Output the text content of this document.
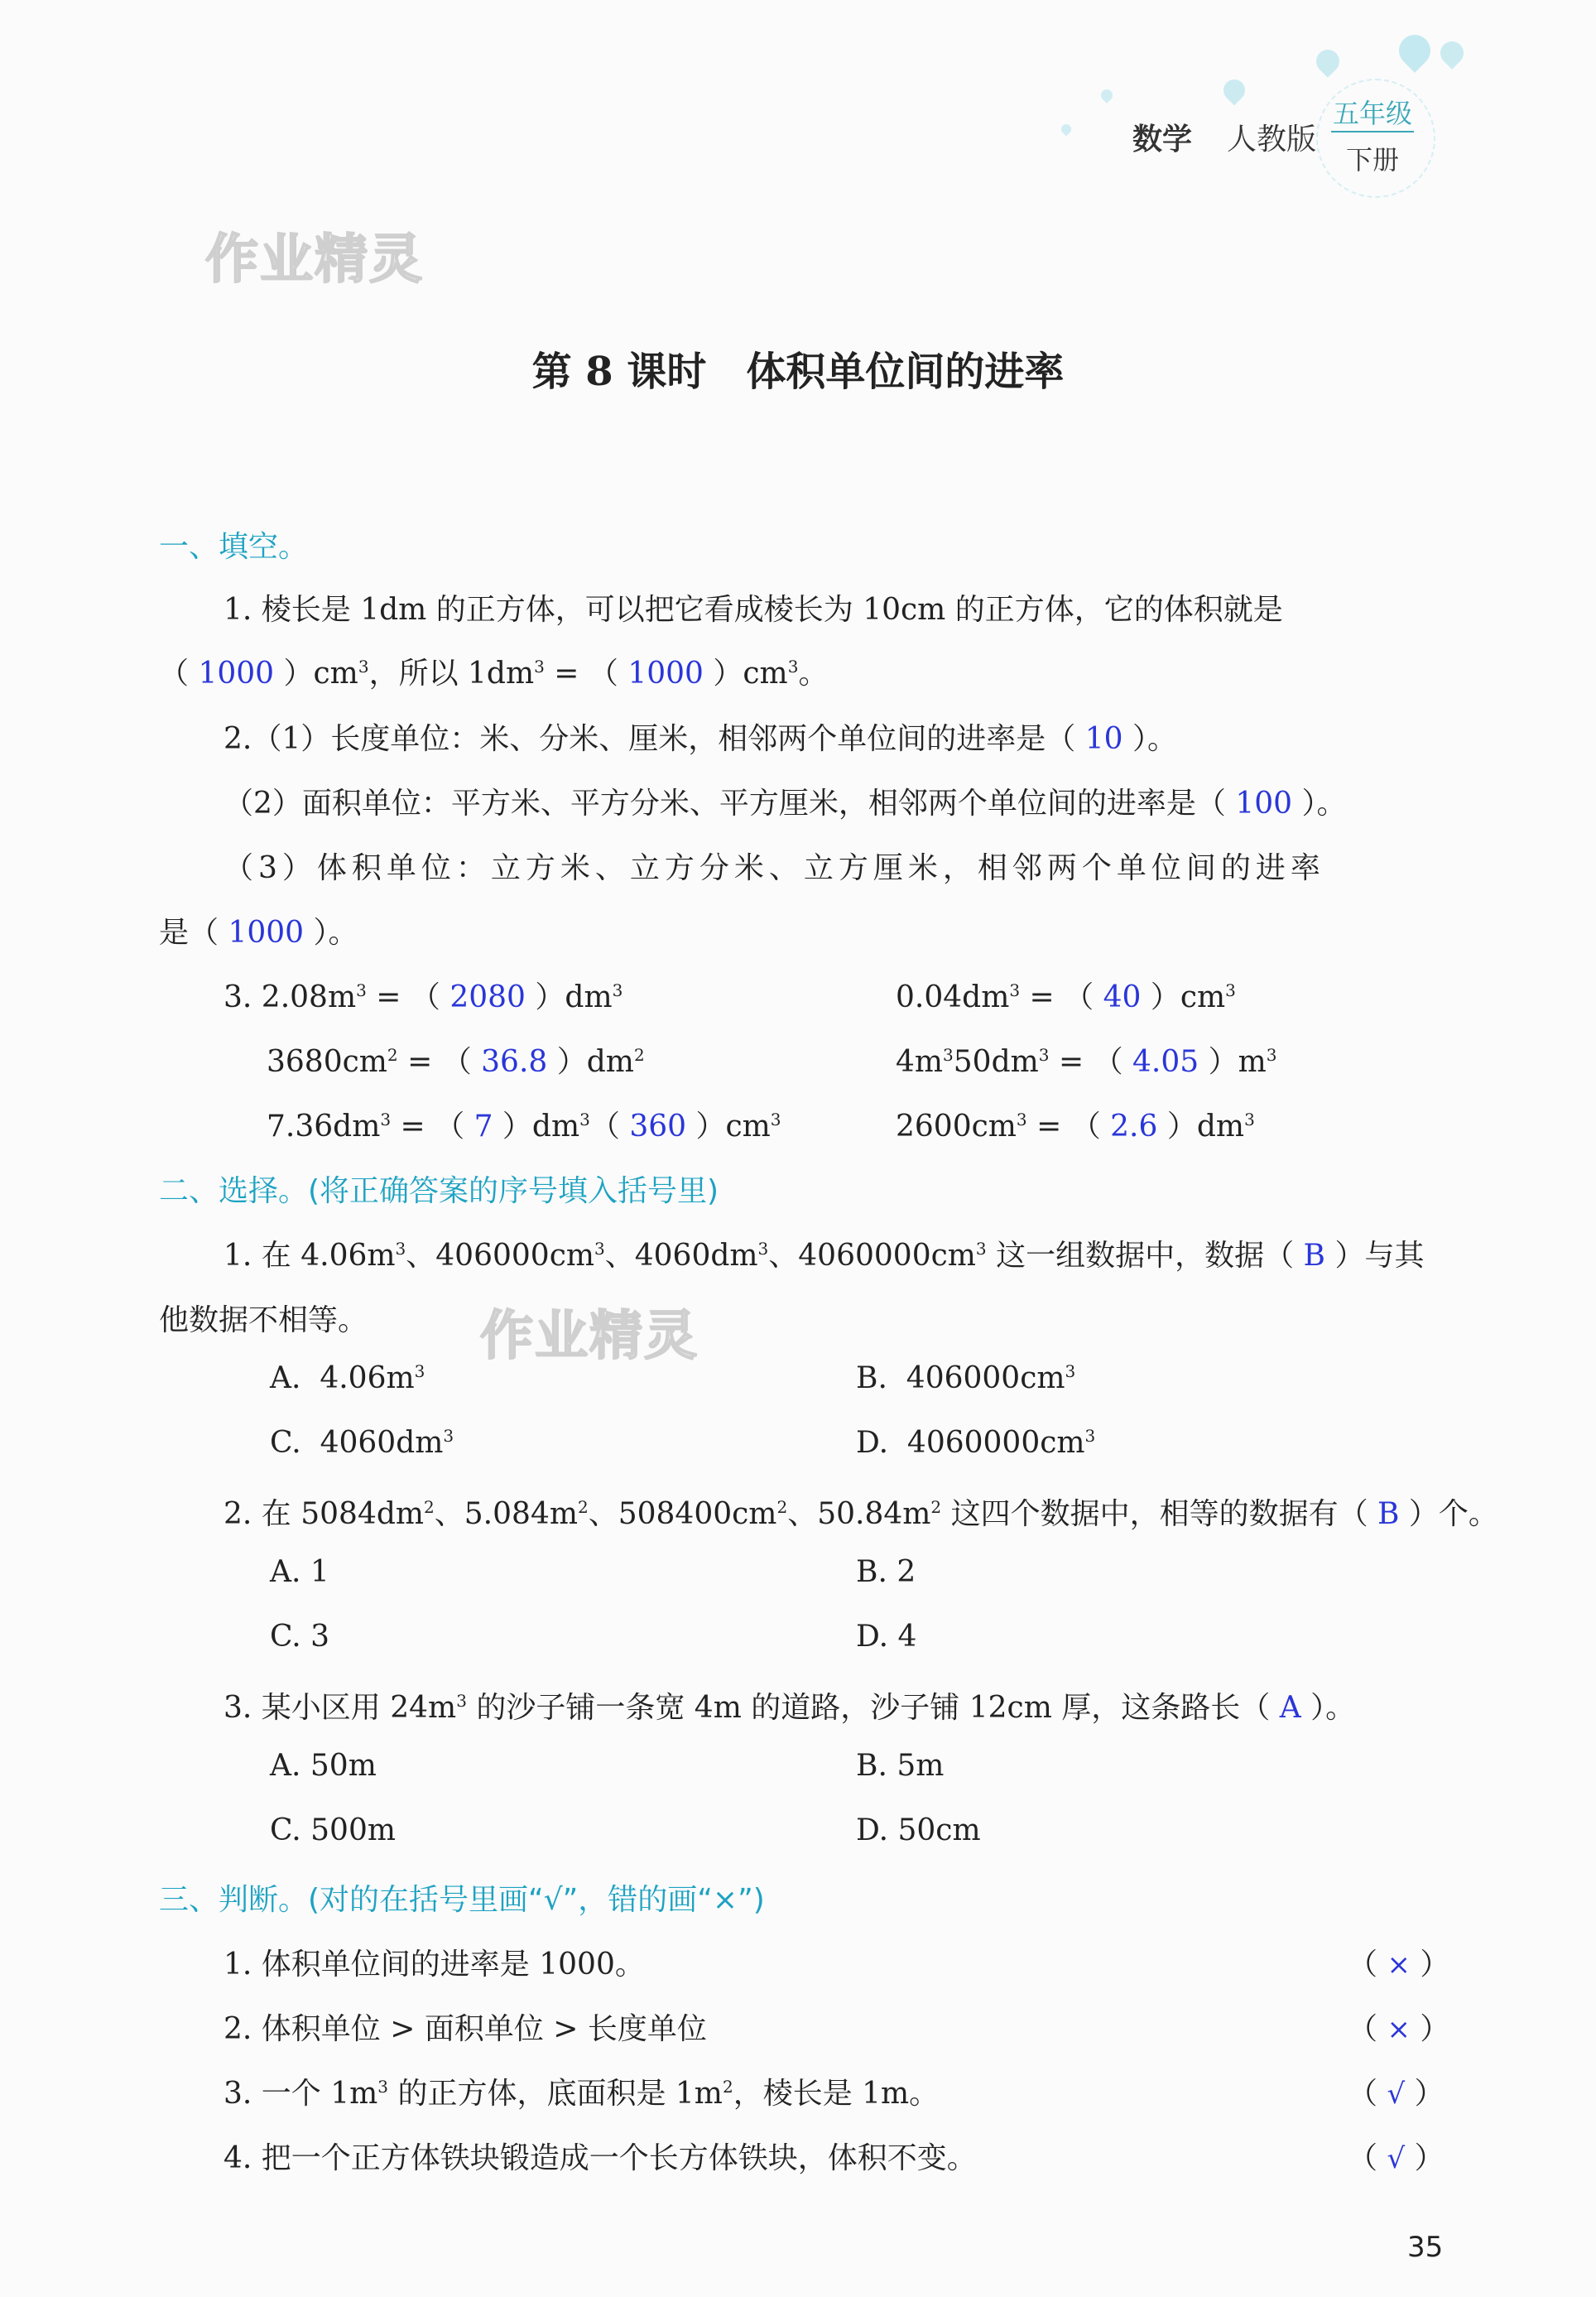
数学 人教版
五年级
下册
作业精灵
作业精灵
第 8 课时　体积单位间的进率
一、填空。
1. 棱长是 1dm 的正方体，可以把它看成棱长为 10cm 的正方体，它的体积就是
（ 1000 ）$cm^3$，所以 $1dm^3$ = （ 1000 ）$cm^3$。
2.（1）长度单位：米、分米、厘米，相邻两个单位间的进率是（ 10 ）。
（2）面积单位：平方米、平方分米、平方厘米，相邻两个单位间的进率是（ 100 ）。
（3）体积单位：立方米、立方分米、立方厘米，相邻两个单位间的进率
是（ 1000 ）。
3. $2.08m^3$ = （ 2080 ）$dm^3$	$0.04dm^3$ = （ 40 ）$cm^3$
$3680cm^2$ = （ 36.8 ）$dm^2$	$4m^350dm^3$ = （ 4.05 ）$m^3$
$7.36dm^3$ = （ 7 ）$dm^3$（ 360 ）$cm^3$	$2600cm^3$ = （ 2.6 ）$dm^3$
二、选择。(将正确答案的序号填入括号里)
1. 在 $4.06m^3$、$406000cm^3$、$4060dm^3$、$4060000cm^3$ 这一组数据中，数据（ B ）与其
他数据不相等。
A.  $4.06m^3$	B.  $406000cm^3$
C.  $4060dm^3$	D.  $4060000cm^3$
2. 在 $5084dm^2$、$5.084m^2$、$508400cm^2$、$50.84m^2$ 这四个数据中，相等的数据有（ B ）个。
A. 1	B. 2
C. 3	D. 4
3. 某小区用 $24m^3$ 的沙子铺一条宽 4m 的道路，沙子铺 12cm 厚，这条路长（ A ）。
A. 50m	B. 5m
C. 500m	D. 50cm
三、判断。(对的在括号里画“√”，错的画“×”)
1. 体积单位间的进率是 1000。	（ × ）
2. 体积单位 > 面积单位 > 长度单位	（ × ）
3. 一个 $1m^3$ 的正方体，底面积是 $1m^2$，棱长是 1m。	（ √ ）
4. 把一个正方体铁块锻造成一个长方体铁块，体积不变。	（ √ ）
35
